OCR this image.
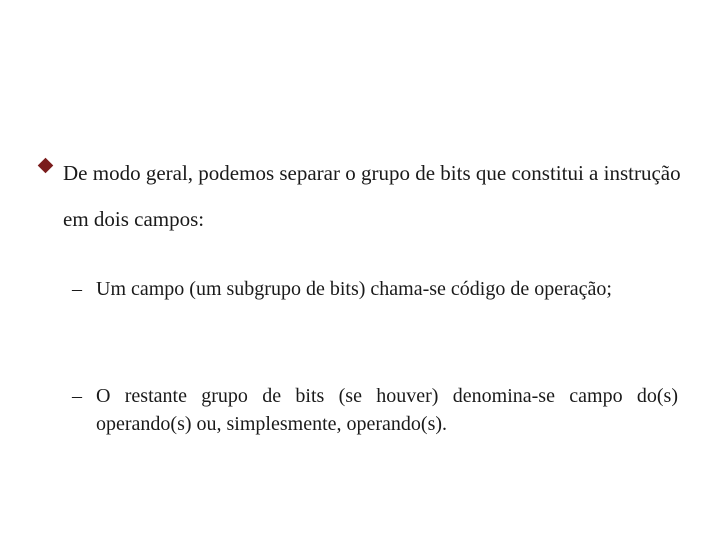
De modo geral, podemos separar o grupo de bits que constitui a instrução em dois campos:
– Um campo (um subgrupo de bits) chama-se código de operação;
– O restante grupo de bits (se houver) denomina-se campo do(s) operando(s) ou, simplesmente, operando(s).
